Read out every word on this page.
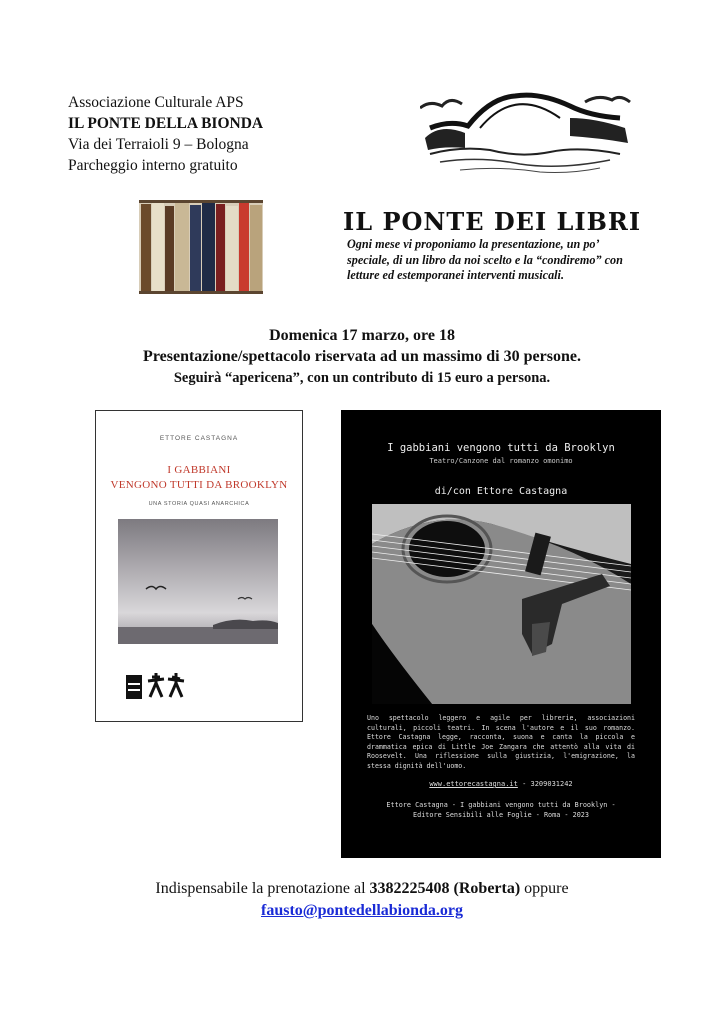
Associazione Culturale APS
IL PONTE DELLA BIONDA
Via dei Terraioli 9 – Bologna
Parcheggio interno gratuito
IL PONTE DEI LIBRI
Ogni mese vi proponiamo la presentazione, un po’ speciale, di un libro da noi scelto e la “condiremo” con letture ed estemporanei interventi musicali.
Domenica 17 marzo, ore 18
Presentazione/spettacolo riservata ad un massimo di 30 persone.
Seguirà “apericena”, con un contributo di 15 euro a persona.
ETTORE CASTAGNA
I GABBIANI
VENGONO TUTTI DA BROOKLYN
UNA STORIA QUASI ANARCHICA
I gabbiani vengono tutti da Brooklyn
Teatro/Canzone dal romanzo omonimo
di/con Ettore Castagna
Uno spettacolo leggero e agile per librerie, associazioni culturali, piccoli teatri. In scena l'autore e il suo romanzo. Ettore Castagna legge, racconta, suona e canta la piccola e drammatica epica di Little Joe Zangara che attentò alla vita di Roosevelt. Una riflessione sulla giustizia, l'emigrazione, la stessa dignità dell'uomo.
www.ettorecastagna.it - 3209031242
Ettore Castagna - I gabbiani vengono tutti da Brooklyn -
Editore Sensibili alle Foglie - Roma - 2023
Indispensabile la prenotazione al 3382225408 (Roberta) oppure
fausto@pontedellabionda.org
